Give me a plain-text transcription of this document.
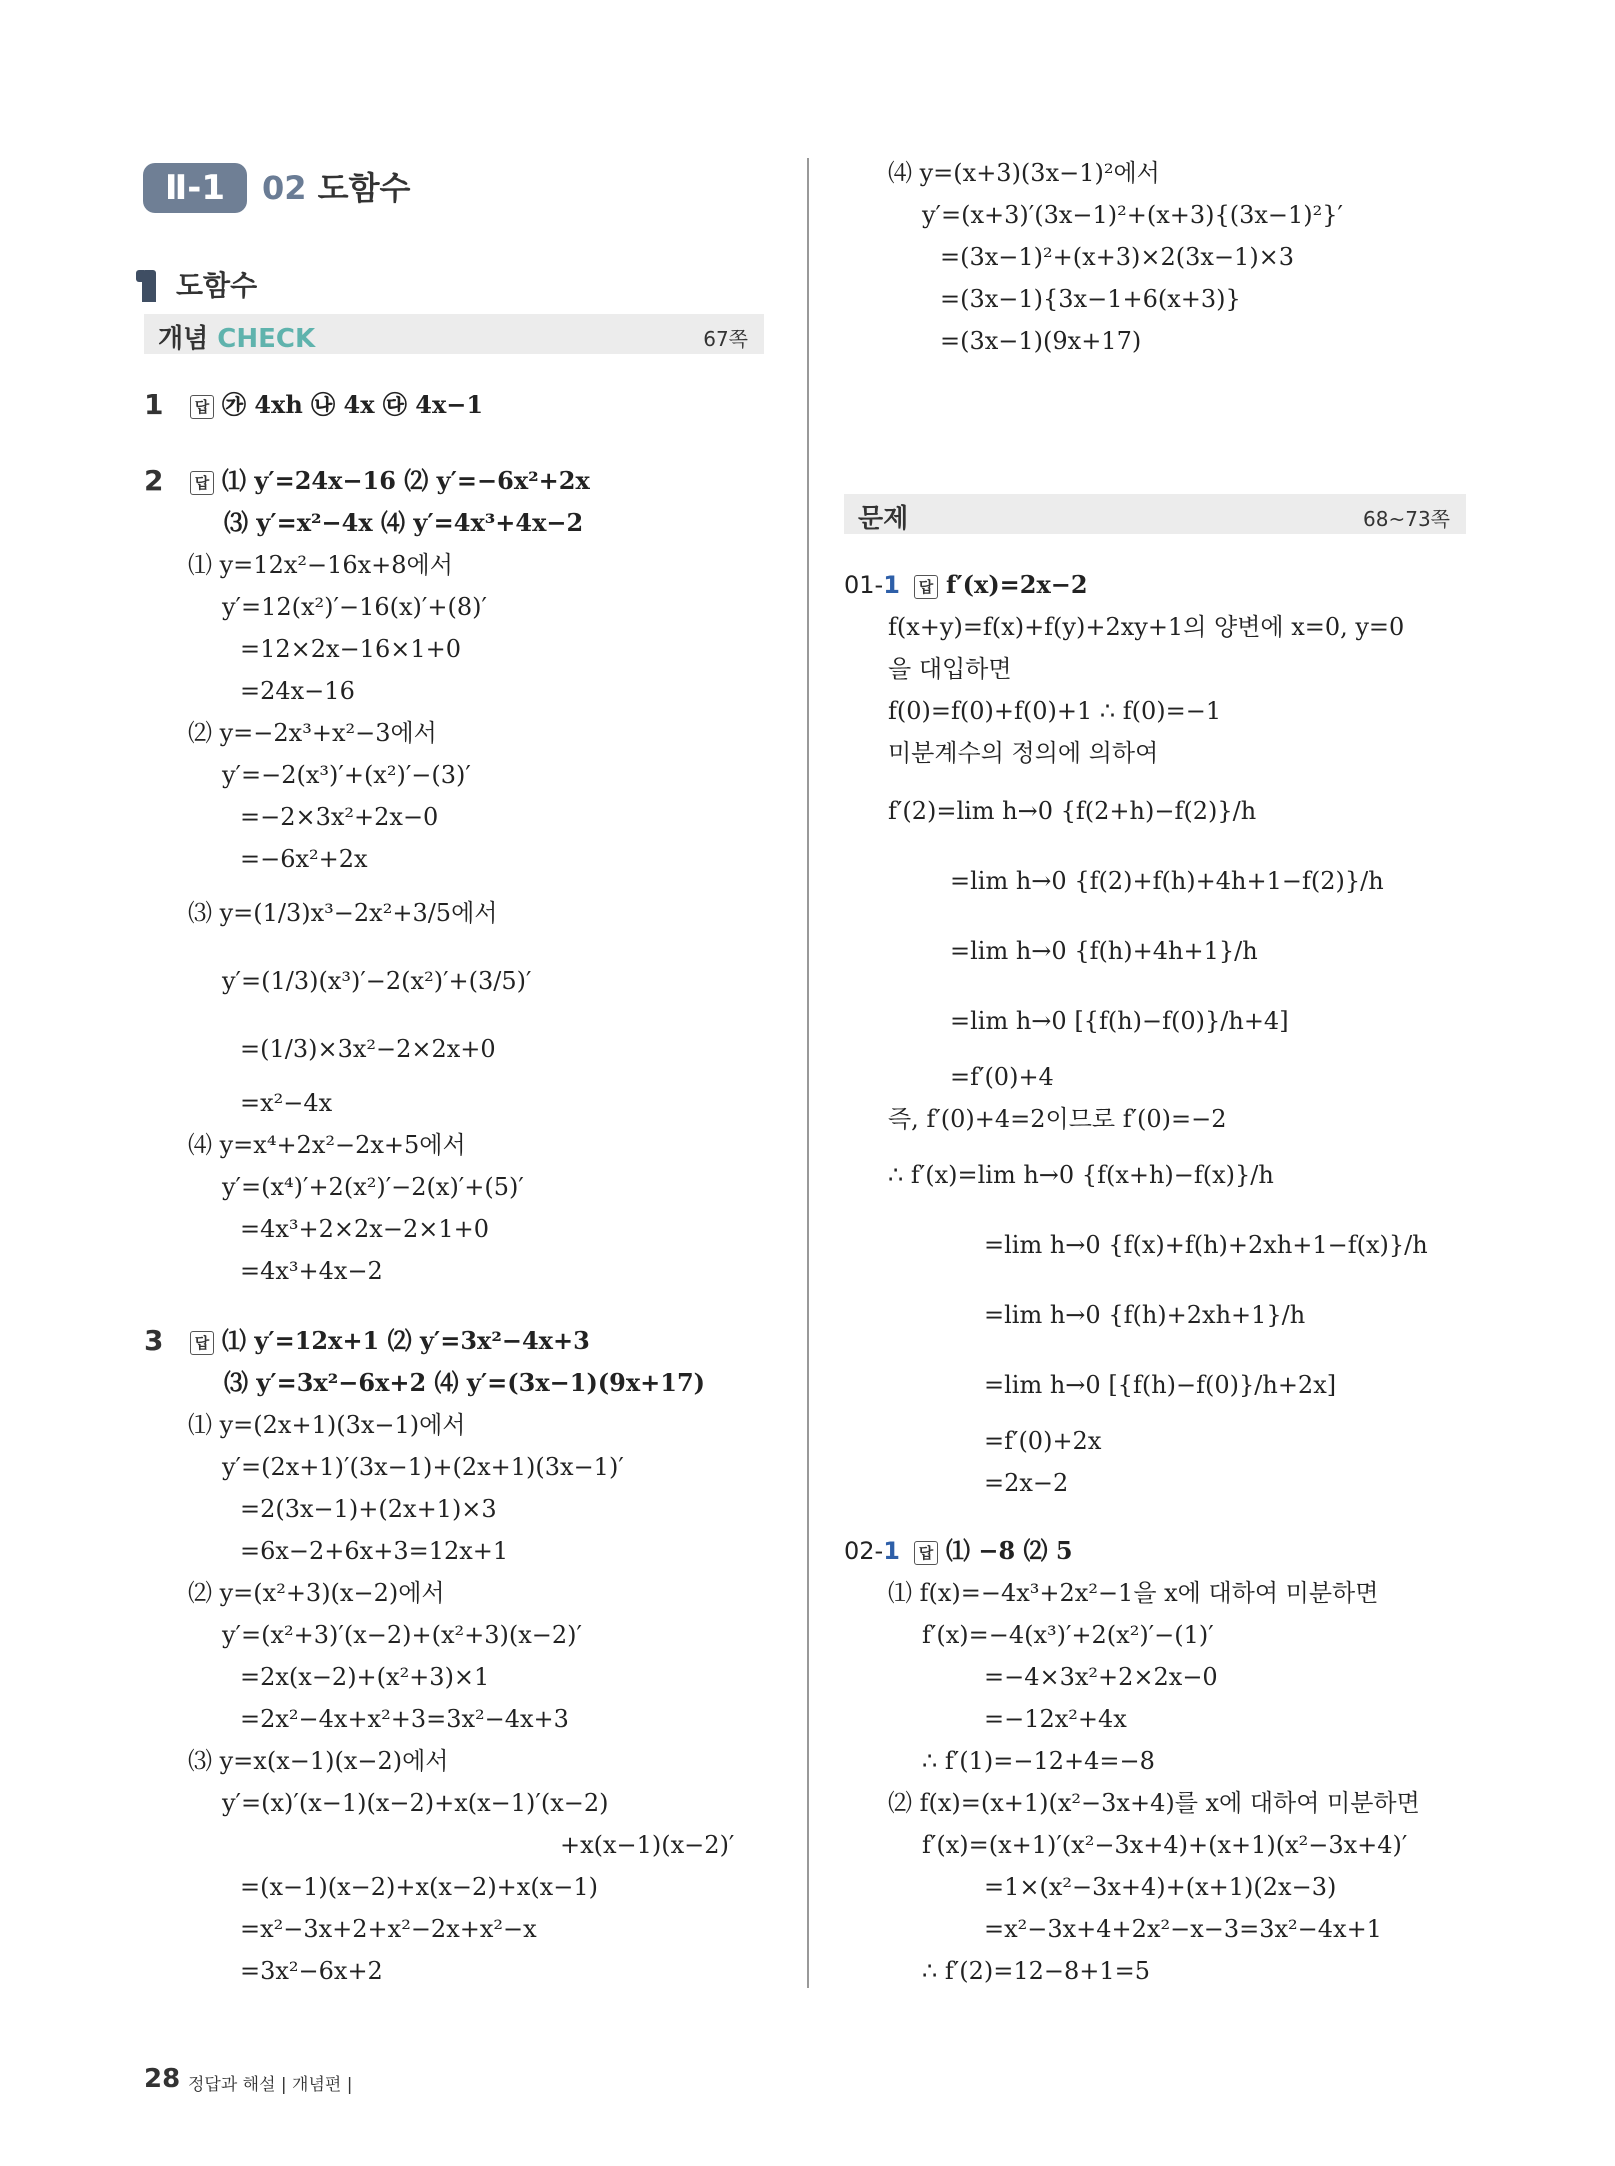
Ⅱ-1	02 도함수
도함수
개념 CHECK	67쪽
문제	68~73쪽
1	답 ㉮ 4xh ㉯ 4x ㉰ 4x−1
2	답 ⑴ y′=24x−16 ⑵ y′=−6x²+2x
⑶ y′=x²−4x ⑷ y′=4x³+4x−2
⑴ y=12x²−16x+8에서
y′=12(x²)′−16(x)′+(8)′
=12×2x−16×1+0
=24x−16
⑵ y=−2x³+x²−3에서
y′=−2(x³)′+(x²)′−(3)′
=−2×3x²+2x−0
=−6x²+2x
⑶ y=(1/3)x³−2x²+3/5에서
y′=(1/3)(x³)′−2(x²)′+(3/5)′
=(1/3)×3x²−2×2x+0
=x²−4x
⑷ y=x⁴+2x²−2x+5에서
y′=(x⁴)′+2(x²)′−2(x)′+(5)′
=4x³+2×2x−2×1+0
=4x³+4x−2
3	답 ⑴ y′=12x+1 ⑵ y′=3x²−4x+3
⑶ y′=3x²−6x+2 ⑷ y′=(3x−1)(9x+17)
⑴ y=(2x+1)(3x−1)에서
y′=(2x+1)′(3x−1)+(2x+1)(3x−1)′
=2(3x−1)+(2x+1)×3
=6x−2+6x+3=12x+1
⑵ y=(x²+3)(x−2)에서
y′=(x²+3)′(x−2)+(x²+3)(x−2)′
=2x(x−2)+(x²+3)×1
=2x²−4x+x²+3=3x²−4x+3
⑶ y=x(x−1)(x−2)에서
y′=(x)′(x−1)(x−2)+x(x−1)′(x−2)
+x(x−1)(x−2)′
=(x−1)(x−2)+x(x−2)+x(x−1)
=x²−3x+2+x²−2x+x²−x
=3x²−6x+2
⑷ y=(x+3)(3x−1)²에서
y′=(x+3)′(3x−1)²+(x+3){(3x−1)²}′
=(3x−1)²+(x+3)×2(3x−1)×3
=(3x−1){3x−1+6(x+3)}
=(3x−1)(9x+17)
01-1	답 f′(x)=2x−2
f(x+y)=f(x)+f(y)+2xy+1의 양변에 x=0, y=0
을 대입하면
f(0)=f(0)+f(0)+1 ∴ f(0)=−1
미분계수의 정의에 의하여
f′(2)=lim h→0 {f(2+h)−f(2)}/h
=lim h→0 {f(2)+f(h)+4h+1−f(2)}/h
=lim h→0 {f(h)+4h+1}/h
=lim h→0 [{f(h)−f(0)}/h+4]
=f′(0)+4
즉, f′(0)+4=2이므로 f′(0)=−2
∴ f′(x)=lim h→0 {f(x+h)−f(x)}/h
=lim h→0 {f(x)+f(h)+2xh+1−f(x)}/h
=lim h→0 {f(h)+2xh+1}/h
=lim h→0 [{f(h)−f(0)}/h+2x]
=f′(0)+2x
=2x−2
02-1	답 ⑴ −8 ⑵ 5
⑴ f(x)=−4x³+2x²−1을 x에 대하여 미분하면
f′(x)=−4(x³)′+2(x²)′−(1)′
=−4×3x²+2×2x−0
=−12x²+4x
∴ f′(1)=−12+4=−8
⑵ f(x)=(x+1)(x²−3x+4)를 x에 대하여 미분하면
f′(x)=(x+1)′(x²−3x+4)+(x+1)(x²−3x+4)′
=1×(x²−3x+4)+(x+1)(2x−3)
=x²−3x+4+2x²−x−3=3x²−4x+1
∴ f′(2)=12−8+1=5
28 정답과 해설 | 개념편 |
